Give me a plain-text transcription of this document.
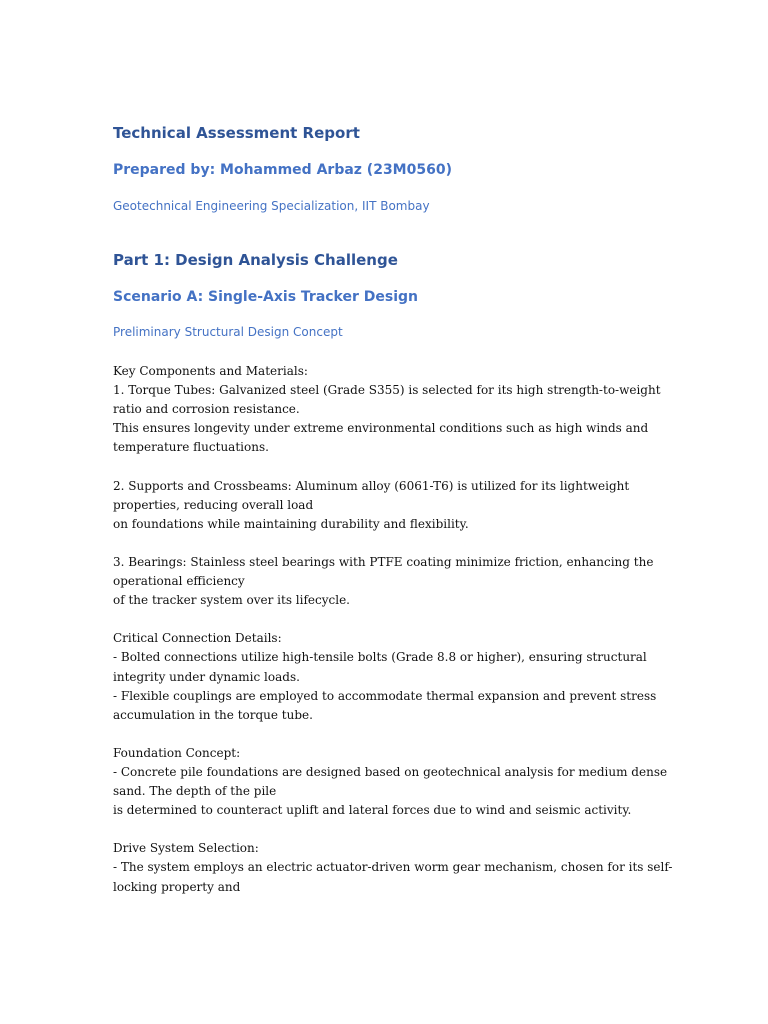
Technical Assessment Report
Prepared by: Mohammed Arbaz (23M0560)
Geotechnical Engineering Specialization, IIT Bombay
Part 1: Design Analysis Challenge
Scenario A: Single-Axis Tracker Design
Preliminary Structural Design Concept
Key Components and Materials:
1. Torque Tubes: Galvanized steel (Grade S355) is selected for its high strength-to-weight
ratio and corrosion resistance.
This ensures longevity under extreme environmental conditions such as high winds and
temperature fluctuations.
2. Supports and Crossbeams: Aluminum alloy (6061-T6) is utilized for its lightweight
properties, reducing overall load
on foundations while maintaining durability and flexibility.
3. Bearings: Stainless steel bearings with PTFE coating minimize friction, enhancing the
operational efficiency
of the tracker system over its lifecycle.
Critical Connection Details:
- Bolted connections utilize high-tensile bolts (Grade 8.8 or higher), ensuring structural
integrity under dynamic loads.
- Flexible couplings are employed to accommodate thermal expansion and prevent stress
accumulation in the torque tube.
Foundation Concept:
- Concrete pile foundations are designed based on geotechnical analysis for medium dense
sand. The depth of the pile
is determined to counteract uplift and lateral forces due to wind and seismic activity.
Drive System Selection:
- The system employs an electric actuator-driven worm gear mechanism, chosen for its self-
locking property and
